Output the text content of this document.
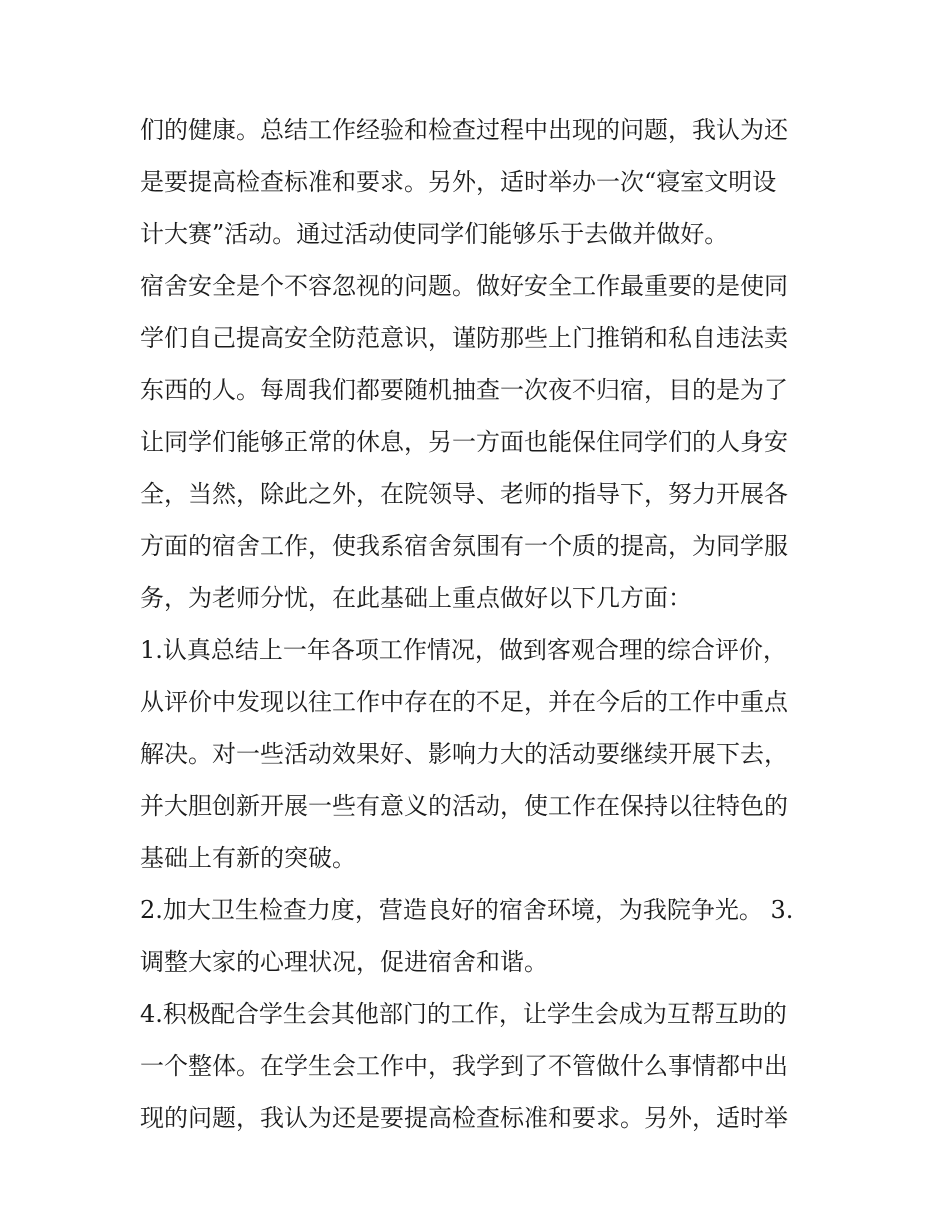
们的健康。总结工作经验和检查过程中出现的问题，我认为还
是要提高检查标准和要求。另外，适时举办一次“寝室文明设
计大赛”活动。通过活动使同学们能够乐于去做并做好。
宿舍安全是个不容忽视的问题。做好安全工作最重要的是使同
学们自己提高安全防范意识，谨防那些上门推销和私自违法卖
东西的人。每周我们都要随机抽查一次夜不归宿，目的是为了
让同学们能够正常的休息，另一方面也能保住同学们的人身安
全，当然，除此之外，在院领导、老师的指导下，努力开展各
方面的宿舍工作，使我系宿舍氛围有一个质的提高，为同学服
务，为老师分忧，在此基础上重点做好以下几方面：
1.认真总结上一年各项工作情况，做到客观合理的综合评价，
从评价中发现以往工作中存在的不足，并在今后的工作中重点
解决。对一些活动效果好、影响力大的活动要继续开展下去，
并大胆创新开展一些有意义的活动，使工作在保持以往特色的
基础上有新的突破。
2.加大卫生检查力度，营造良好的宿舍环境，为我院争光。 3.
调整大家的心理状况，促进宿舍和谐。
4.积极配合学生会其他部门的工作，让学生会成为互帮互助的
一个整体。在学生会工作中，我学到了不管做什么事情都中出
现的问题，我认为还是要提高检查标准和要求。另外，适时举
